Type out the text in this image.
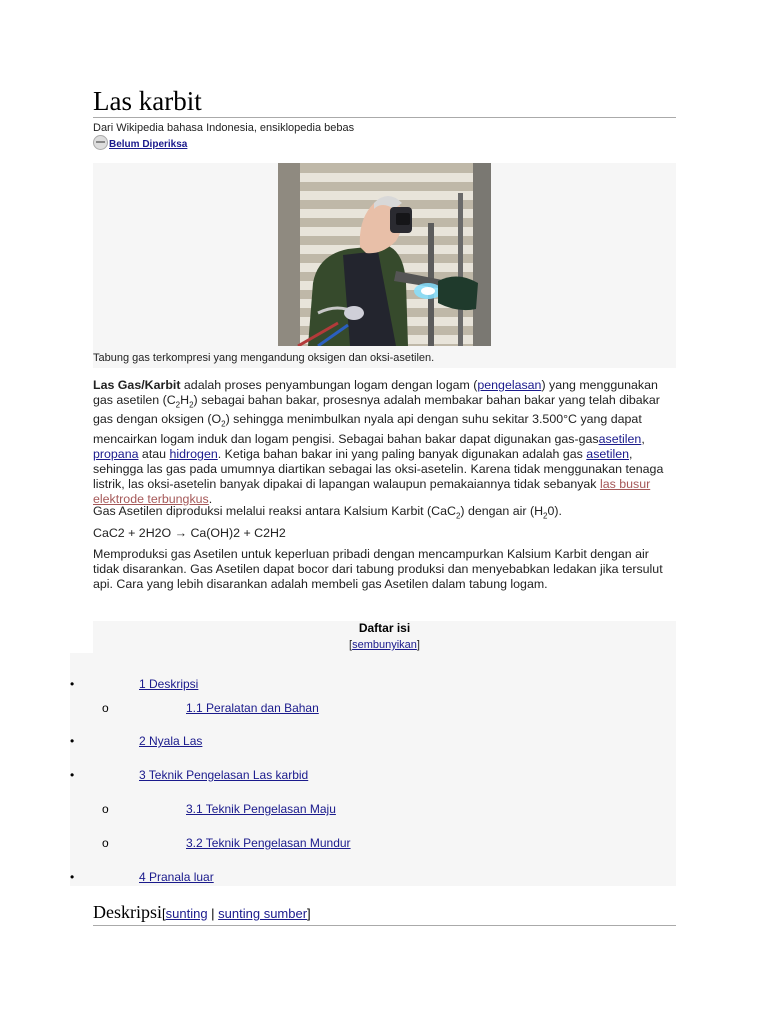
Las karbit
Dari Wikipedia bahasa Indonesia, ensiklopedia bebas
Belum Diperiksa
Tabung gas terkompresi yang mengandung oksigen dan oksi-asetilen.

Las Gas/Karbit adalah proses penyambungan logam dengan logam (pengelasan) yang menggunakan gas asetilen $(C_2H_2)$ sebagai bahan bakar, prosesnya adalah membakar bahan bakar yang telah dibakar gas dengan oksigen $(O_2)$ sehingga menimbulkan nyala api dengan suhu sekitar 3.500°C yang dapat mencairkan logam induk dan logam pengisi. Sebagai bahan bakar dapat digunakan gas-gasasetilen, propana atau hidrogen. Ketiga bahan bakar ini yang paling banyak digunakan adalah gas asetilen, sehingga las gas pada umumnya diartikan sebagai las oksi-asetelin. Karena tidak menggunakan tenaga listrik, las oksi-asetelin banyak dipakai di lapangan walaupun pemakaiannya tidak sebanyak las busur elektrode terbungkus.

Gas Asetilen diproduksi melalui reaksi antara Kalsium Karbit (CaC$_2$) dengan air $(H_20)$.

CaC2 + 2H2O → Ca(OH)2 + C2H2

Memproduksi gas Asetilen untuk keperluan pribadi dengan mencampurkan Kalsium Karbit dengan air tidak disarankan. Gas Asetilen dapat bocor dari tabung produksi dan menyebabkan ledakan jika tersulut api. Cara yang lebih disarankan adalah membeli gas Asetilen dalam tabung logam.

Daftar isi
[sembunyikan]
•	1 Deskripsi
o	1.1 Peralatan dan Bahan
•	2 Nyala Las
•	3 Teknik Pengelasan Las karbid
o	3.1 Teknik Pengelasan Maju
o	3.2 Teknik Pengelasan Mundur
•	4 Pranala luar
Deskripsi[sunting | sunting sumber]
